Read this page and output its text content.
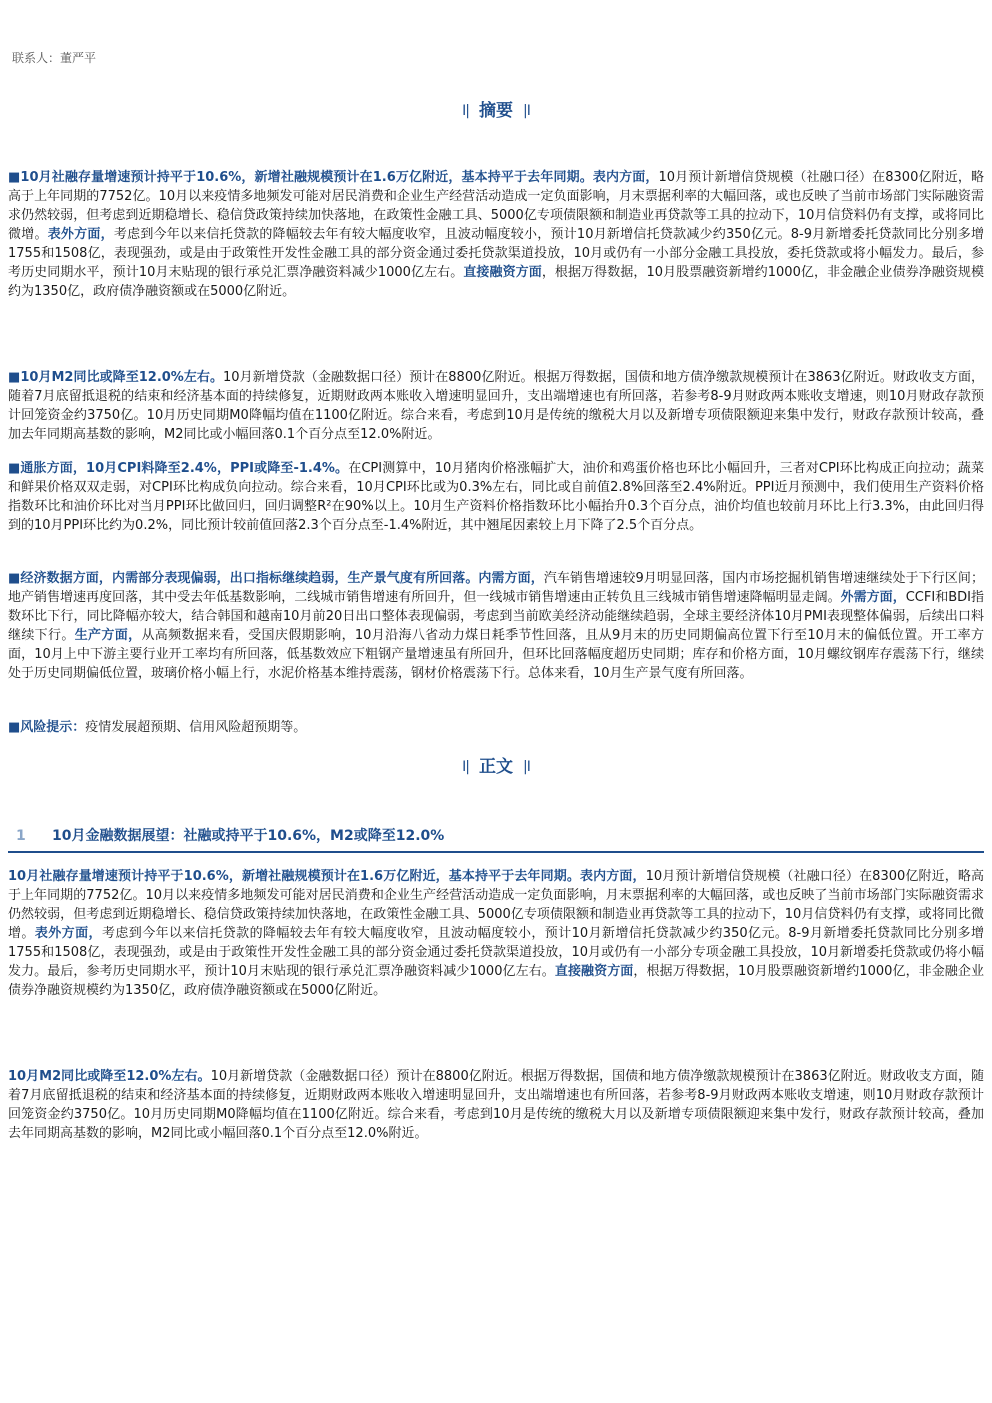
联系人：董严平
I| 摘要 |I
■10月社融存量增速预计持平于10.6%，新增社融规模预计在1.6万亿附近，基本持平于去年同期。表内方面，10月预计新增信贷规模（社融口径）在8300亿附近，略高于上年同期的7752亿。10月以来疫情多地频发可能对居民消费和企业生产经营活动造成一定负面影响，月末票据利率的大幅回落，或也反映了当前市场部门实际融资需求仍然较弱，但考虑到近期稳增长、稳信贷政策持续加快落地，在政策性金融工具、5000亿专项债限额和制造业再贷款等工具的拉动下，10月信贷料仍有支撑，或将同比微增。表外方面，考虑到今年以来信托贷款的降幅较去年有较大幅度收窄，且波动幅度较小，预计10月新增信托贷款减少约350亿元。8-9月新增委托贷款同比分别多增1755和1508亿，表现强劲，或是由于政策性开发性金融工具的部分资金通过委托贷款渠道投放，10月或仍有一小部分金融工具投放，委托贷款或将小幅发力。最后，参考历史同期水平，预计10月末贴现的银行承兑汇票净融资料减少1000亿左右。直接融资方面，根据万得数据，10月股票融资新增约1000亿，非金融企业债券净融资规模约为1350亿，政府债净融资额或在5000亿附近。
■10月M2同比或降至12.0%左右。10月新增贷款（金融数据口径）预计在8800亿附近。根据万得数据，国债和地方债净缴款规模预计在3863亿附近。财政收支方面，随着7月底留抵退税的结束和经济基本面的持续修复，近期财政两本账收入增速明显回升，支出端增速也有所回落，若参考8-9月财政两本账收支增速，则10月财政存款预计回笼资金约3750亿。10月历史同期M0降幅均值在1100亿附近。综合来看，考虑到10月是传统的缴税大月以及新增专项债限额迎来集中发行，财政存款预计较高，叠加去年同期高基数的影响，M2同比或小幅回落0.1个百分点至12.0%附近。
■通胀方面，10月CPI料降至2.4%，PPI或降至-1.4%。在CPI测算中，10月猪肉价格涨幅扩大，油价和鸡蛋价格也环比小幅回升，三者对CPI环比构成正向拉动；蔬菜和鲜果价格双双走弱，对CPI环比构成负向拉动。综合来看，10月CPI环比或为0.3%左右，同比或自前值2.8%回落至2.4%附近。PPI近月预测中，我们使用生产资料价格指数环比和油价环比对当月PPI环比做回归，回归调整R²在90%以上。10月生产资料价格指数环比小幅抬升0.3个百分点，油价均值也较前月环比上行3.3%，由此回归得到的10月PPI环比约为0.2%，同比预计较前值回落2.3个百分点至-1.4%附近，其中翘尾因素较上月下降了2.5个百分点。
■经济数据方面，内需部分表现偏弱，出口指标继续趋弱，生产景气度有所回落。内需方面，汽车销售增速较9月明显回落，国内市场挖掘机销售增速继续处于下行区间；地产销售增速再度回落，其中受去年低基数影响，二线城市销售增速有所回升，但一线城市销售增速由正转负且三线城市销售增速降幅明显走阔。外需方面，CCFI和BDI指数环比下行，同比降幅亦较大，结合韩国和越南10月前20日出口整体表现偏弱，考虑到当前欧美经济动能继续趋弱，全球主要经济体10月PMI表现整体偏弱，后续出口料继续下行。生产方面，从高频数据来看，受国庆假期影响，10月沿海八省动力煤日耗季节性回落，且从9月末的历史同期偏高位置下行至10月末的偏低位置。开工率方面，10月上中下游主要行业开工率均有所回落，低基数效应下粗钢产量增速虽有所回升，但环比回落幅度超历史同期；库存和价格方面，10月螺纹钢库存震荡下行，继续处于历史同期偏低位置，玻璃价格小幅上行，水泥价格基本维持震荡，钢材价格震荡下行。总体来看，10月生产景气度有所回落。
■风险提示：疫情发展超预期、信用风险超预期等。
I| 正文 |I
1 10月金融数据展望：社融或持平于10.6%，M2或降至12.0%
10月社融存量增速预计持平于10.6%，新增社融规模预计在1.6万亿附近，基本持平于去年同期。表内方面，10月预计新增信贷规模（社融口径）在8300亿附近，略高于上年同期的7752亿。10月以来疫情多地频发可能对居民消费和企业生产经营活动造成一定负面影响，月末票据利率的大幅回落，或也反映了当前市场部门实际融资需求仍然较弱，但考虑到近期稳增长、稳信贷政策持续加快落地，在政策性金融工具、5000亿专项债限额和制造业再贷款等工具的拉动下，10月信贷料仍有支撑，或将同比微增。表外方面，考虑到今年以来信托贷款的降幅较去年有较大幅度收窄，且波动幅度较小，预计10月新增信托贷款减少约350亿元。8-9月新增委托贷款同比分别多增1755和1508亿，表现强劲，或是由于政策性开发性金融工具的部分资金通过委托贷款渠道投放，10月或仍有一小部分专项金融工具投放，10月新增委托贷款或仍将小幅发力。最后，参考历史同期水平，预计10月末贴现的银行承兑汇票净融资料减少1000亿左右。直接融资方面，根据万得数据，10月股票融资新增约1000亿，非金融企业债券净融资规模约为1350亿，政府债净融资额或在5000亿附近。
10月M2同比或降至12.0%左右。10月新增贷款（金融数据口径）预计在8800亿附近。根据万得数据，国债和地方债净缴款规模预计在3863亿附近。财政收支方面，随着7月底留抵退税的结束和经济基本面的持续修复，近期财政两本账收入增速明显回升，支出端增速也有所回落，若参考8-9月财政两本账收支增速，则10月财政存款预计回笼资金约3750亿。10月历史同期M0降幅均值在1100亿附近。综合来看，考虑到10月是传统的缴税大月以及新增专项债限额迎来集中发行，财政存款预计较高，叠加去年同期高基数的影响，M2同比或小幅回落0.1个百分点至12.0%附近。
